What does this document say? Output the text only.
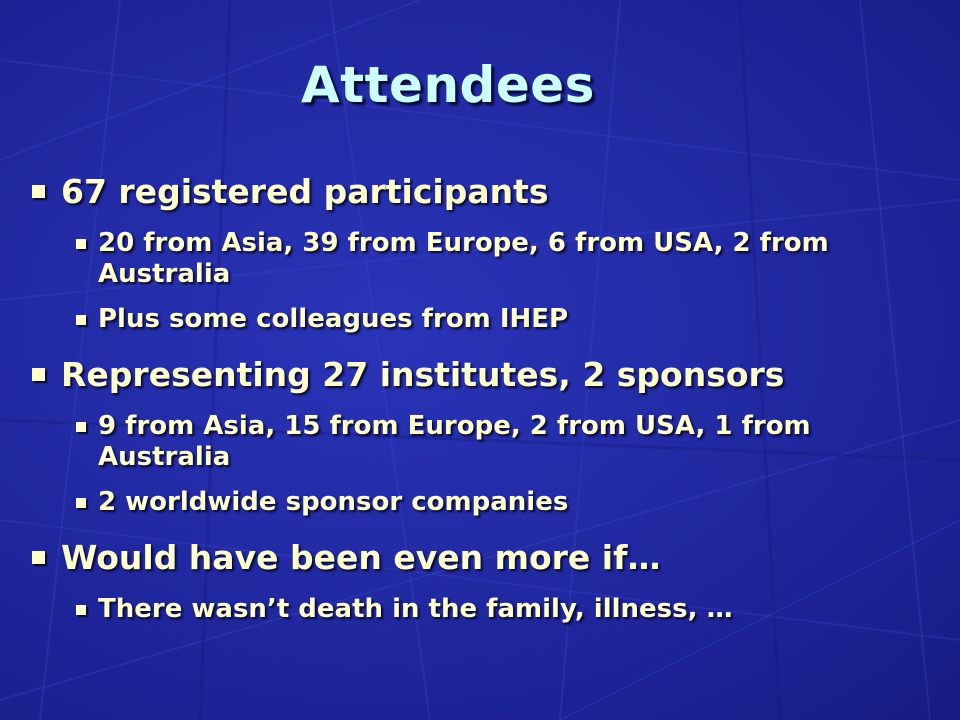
Attendees
67 registered participants
20 from Asia, 39 from Europe, 6 from USA, 2 from Australia
Plus some colleagues from IHEP
Representing 27 institutes, 2 sponsors
9 from Asia, 15 from Europe, 2 from USA, 1 from Australia
2 worldwide sponsor companies
Would have been even more if…
There wasn’t death in the family, illness, …
